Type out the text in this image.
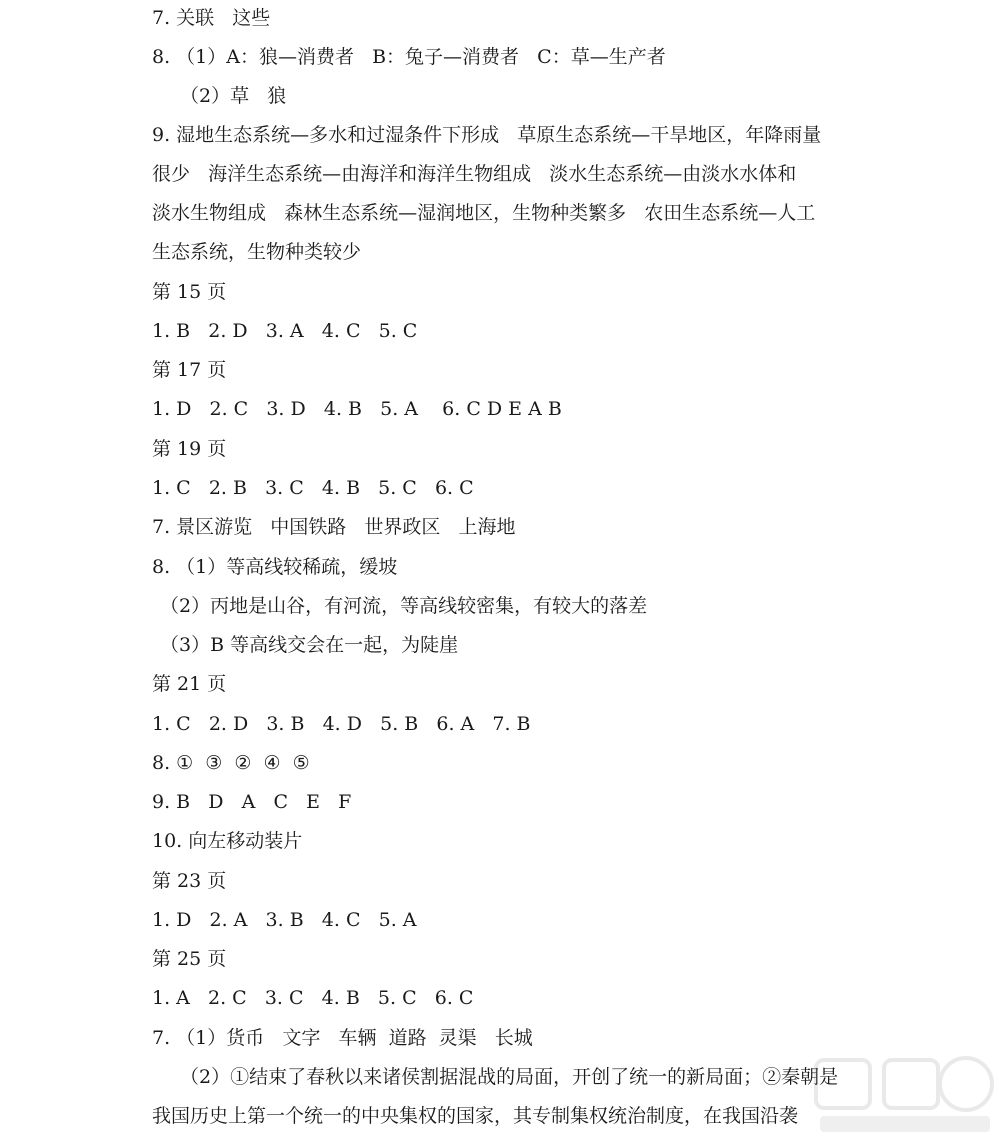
7. 关联   这些
8. （1）A：狼—消费者   B：兔子—消费者   C：草—生产者
（2）草   狼
9. 湿地生态系统—多水和过湿条件下形成   草原生态系统—干旱地区，年降雨量
很少   海洋生态系统—由海洋和海洋生物组成   淡水生态系统—由淡水水体和
淡水生物组成   森林生态系统—湿润地区，生物种类繁多   农田生态系统—人工
生态系统，生物种类较少
第 15 页
1. B   2. D   3. A   4. C   5. C
第 17 页
1. D   2. C   3. D   4. B   5. A    6. C D E A B
第 19 页
1. C   2. B   3. C   4. B   5. C   6. C
7. 景区游览   中国铁路   世界政区   上海地
8. （1）等高线较稀疏，缓坡
（2）丙地是山谷，有河流，等高线较密集，有较大的落差
（3）B 等高线交会在一起，为陡崖
第 21 页
1. C   2. D   3. B   4. D   5. B   6. A   7. B
8. ①  ③  ②  ④  ⑤
9. B   D   A   C   E   F
10. 向左移动装片
第 23 页
1. D   2. A   3. B   4. C   5. A
第 25 页
1. A   2. C   3. C   4. B   5. C   6. C
7. （1）货币   文字   车辆  道路  灵渠   长城
（2）①结束了春秋以来诸侯割据混战的局面，开创了统一的新局面；②秦朝是
我国历史上第一个统一的中央集权的国家，其专制集权统治制度，在我国沿袭
